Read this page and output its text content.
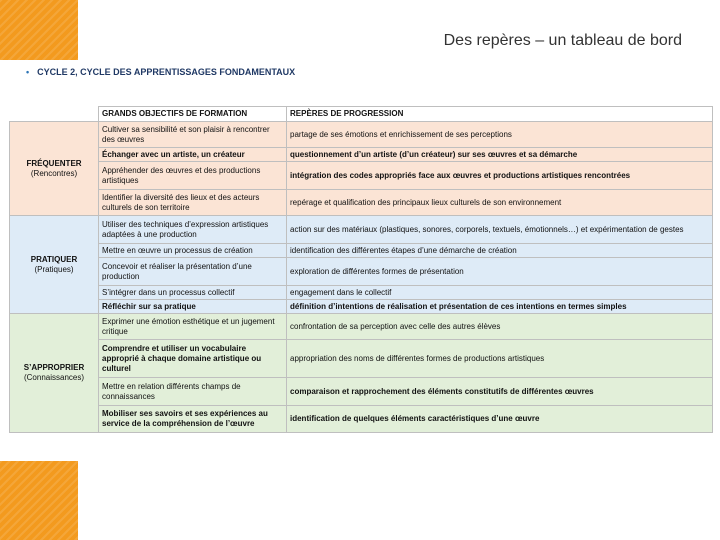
Des repères – un tableau de bord
• CYCLE 2, CYCLE DES APPRENTISSAGES FONDAMENTAUX
	GRANDS OBJECTIFS DE FORMATION	REPÈRES DE PROGRESSION
FRÉQUENTER
(Rencontres)	Cultiver sa sensibilité et son plaisir à rencontrer des œuvres	partage de ses émotions et enrichissement de ses perceptions
	Échanger avec un artiste, un créateur	questionnement d’un artiste (d’un créateur) sur ses œuvres et sa démarche
	Appréhender des œuvres et des productions artistiques	intégration des codes appropriés face aux œuvres et productions artistiques rencontrées
	Identifier la diversité des lieux et des acteurs culturels de son territoire	repérage et qualification des principaux lieux culturels de son environnement
PRATIQUER
(Pratiques)	Utiliser des techniques d’expression artistiques adaptées à une production	action sur des matériaux (plastiques, sonores, corporels, textuels, émotionnels…) et expérimentation de gestes
	Mettre en œuvre un processus de création	identification des différentes étapes d’une démarche de création
	Concevoir et réaliser la présentation d’une production	exploration de différentes formes de présentation
	S’intégrer dans un processus collectif	engagement dans le collectif
	Réfléchir sur sa pratique	définition d’intentions de réalisation et présentation de ces intentions en termes simples
S’APPROPRIER
(Connaissances)	Exprimer une émotion esthétique et un jugement critique	confrontation de sa perception avec celle des autres élèves
	Comprendre et utiliser un vocabulaire approprié à chaque domaine artistique ou culturel	appropriation des noms de différentes formes de productions artistiques
	Mettre en relation différents champs de connaissances	comparaison et rapprochement des éléments constitutifs de différentes œuvres
	Mobiliser ses savoirs et ses expériences au service de la compréhension de l’œuvre	identification de quelques éléments caractéristiques d’une œuvre
